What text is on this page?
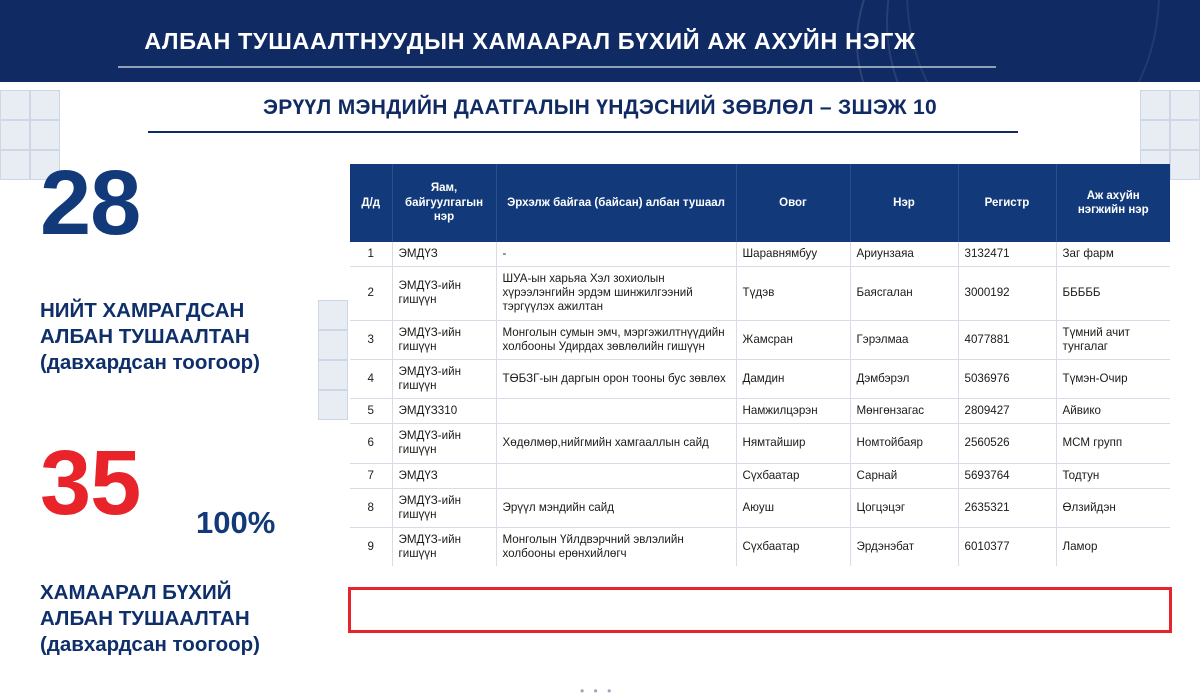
АЛБАН ТУШААЛТНУУДЫН ХАМААРАЛ БҮХИЙ АЖ АХУЙН НЭГЖ
ЭРҮҮЛ МЭНДИЙН ДААТГАЛЫН ҮНДЭСНИЙ ЗӨВЛӨЛ – ЗШЭЖ 10
28
НИЙТ ХАМРАГДСАН
АЛБАН ТУШААЛТАН
(давхардсан тоогоор)
35 100%
ХАМААРАЛ БҮХИЙ
АЛБАН ТУШААЛТАН
(давхардсан тоогоор)
Д/д	Яам, байгуулгагын нэр	Эрхэлж байгаа (байсан) албан тушаал	Овог	Нэр	Регистр	Аж ахуйн нэгжийн нэр
1	ЭМДҮЗ	-	Шаравнямбуу	Ариунзаяа	3132471	Заг фарм
2	ЭМДҮЗ-ийн гишүүн	ШУА-ын харьяа Хэл зохиолын хүрээлэнгийн эрдэм шинжилгээний тэргүүлэх ажилтан	Түдэв	Баясгалан	3000192	БББББ
3	ЭМДҮЗ-ийн гишүүн	Монголын сумын эмч, мэргэжилтнүүдийн холбооны Удирдах зөвлөлийн гишүүн	Жамсран	Гэрэлмаа	4077881	Түмний ачит тунгалаг
4	ЭМДҮЗ-ийн гишүүн	ТӨБЗГ-ын даргын орон тооны бус зөвлөх	Дамдин	Дэмбэрэл	5036976	Түмэн-Очир
5	ЭМДҮЗ310		Намжилцэрэн	Мөнгөнзагас	2809427	Айвико
6	ЭМДҮЗ-ийн гишүүн	Хөдөлмөр,нийгмийн хамгааллын сайд	Нямтайшир	Номтойбаяр	2560526	МСМ групп
7	ЭМДҮЗ		Сүхбаатар	Сарнай	5693764	Тодтун
8	ЭМДҮЗ-ийн гишүүн	Эрүүл мэндийн сайд	Аюуш	Цогцэцэг	2635321	Өлзийдэн
9	ЭМДҮЗ-ийн гишүүн	Монголын Үйлдвэрчний эвлэлийн холбооны ерөнхийлөгч	Сүхбаатар	Эрдэнэбат	6010377	Ламор
• • •
